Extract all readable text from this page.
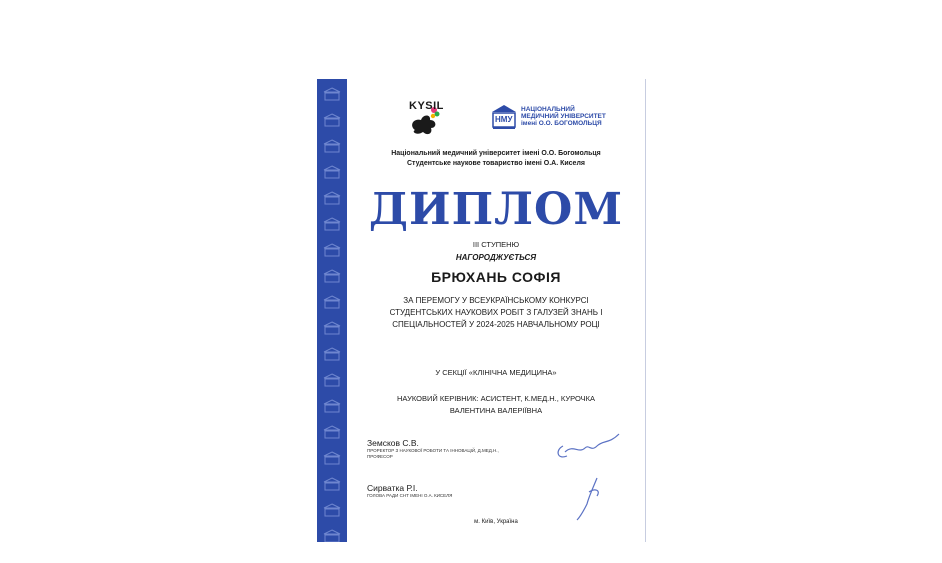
KYSIL
НМУ
НАЦІОНАЛЬНИЙ
МЕДИЧНИЙ УНІВЕРСИТЕТ
імені О.О. БОГОМОЛЬЦЯ
Національний медичний університет імені О.О. Богомольця
Студентське наукове товариство імені О.А. Киселя
ДИПЛОМ
ІІІ СТУПЕНЮ
НАГОРОДЖУЄТЬСЯ
БРЮХАНЬ СОФІЯ
ЗА ПЕРЕМОГУ У ВСЕУКРАЇНСЬКОМУ КОНКУРСІ СТУДЕНТСЬКИХ НАУКОВИХ РОБІТ З ГАЛУЗЕЙ ЗНАНЬ І СПЕЦІАЛЬНОСТЕЙ У 2024-2025 НАВЧАЛЬНОМУ РОЦІ
У СЕКЦІЇ «КЛІНІЧНА МЕДИЦИНА»
НАУКОВИЙ КЕРІВНИК: АСИСТЕНТ, К.МЕД.Н., КУРОЧКА ВАЛЕНТИНА ВАЛЕРІЇВНА
Земсков С.В.
ПРОРЕКТОР З НАУКОВОЇ РОБОТИ ТА ІННОВАЦІЙ, Д.МЕД.Н., ПРОФЕСОР
Сирватка Р.І.
ГОЛОВА РАДИ СНТ ІМЕНІ О.А. КИСЕЛЯ
м. Київ, Україна
